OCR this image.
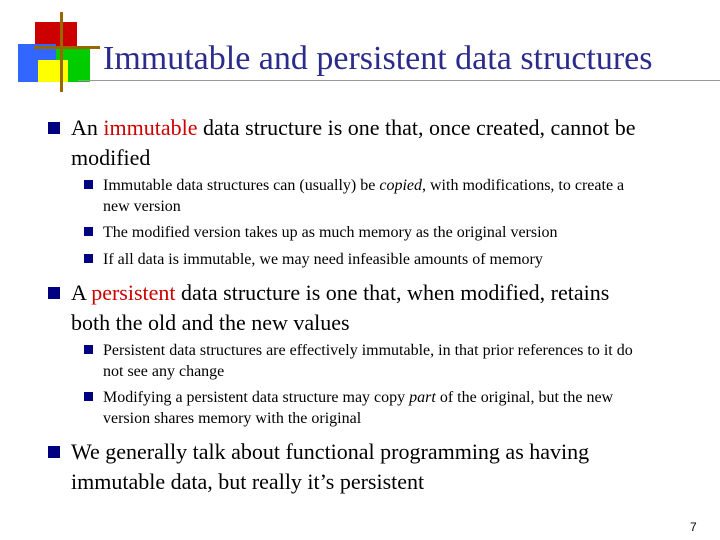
Immutable and persistent data structures
An immutable data structure is one that, once created, cannot be
modified
Immutable data structures can (usually) be copied, with modifications, to create a
new version
The modified version takes up as much memory as the original version
If all data is immutable, we may need infeasible amounts of memory
A persistent data structure is one that, when modified, retains
both the old and the new values
Persistent data structures are effectively immutable, in that prior references to it do
not see any change
Modifying a persistent data structure may copy part of the original, but the new
version shares memory with the original
We generally talk about functional programming as having
immutable data, but really it’s persistent
7
